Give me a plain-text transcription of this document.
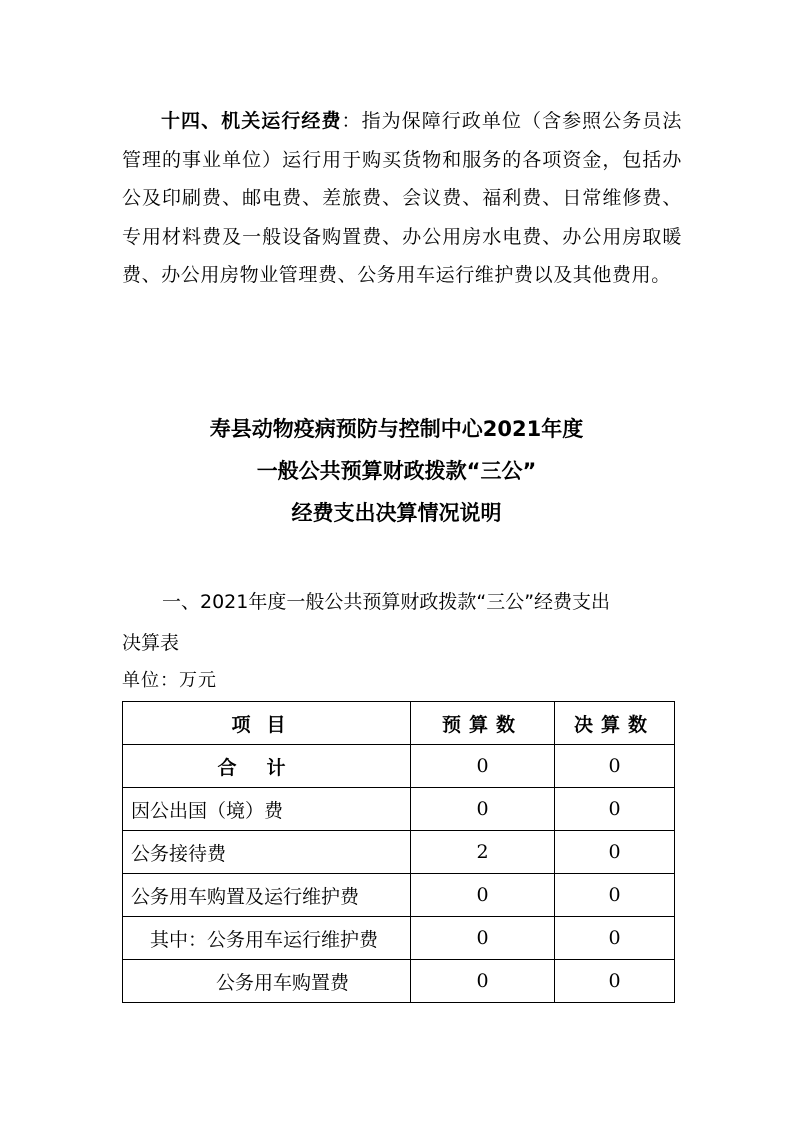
十四、机关运行经费：指为保障行政单位（含参照公务员法管理的事业单位）运行用于购买货物和服务的各项资金，包括办公及印刷费、邮电费、差旅费、会议费、福利费、日常维修费、专用材料费及一般设备购置费、办公用房水电费、办公用房取暖费、办公用房物业管理费、公务用车运行维护费以及其他费用。

寿县动物疫病预防与控制中心2021年度
一般公共预算财政拨款“三公”
经费支出决算情况说明
一、2021年度一般公共预算财政拨款“三公”经费支出
决算表
单位：万元
项目	预算数	决算数
合计	0	0
因公出国（境）费	0	0
公务接待费	2	0
公务用车购置及运行维护费	0	0
其中：公务用车运行维护费	0	0
公务用车购置费	0	0
